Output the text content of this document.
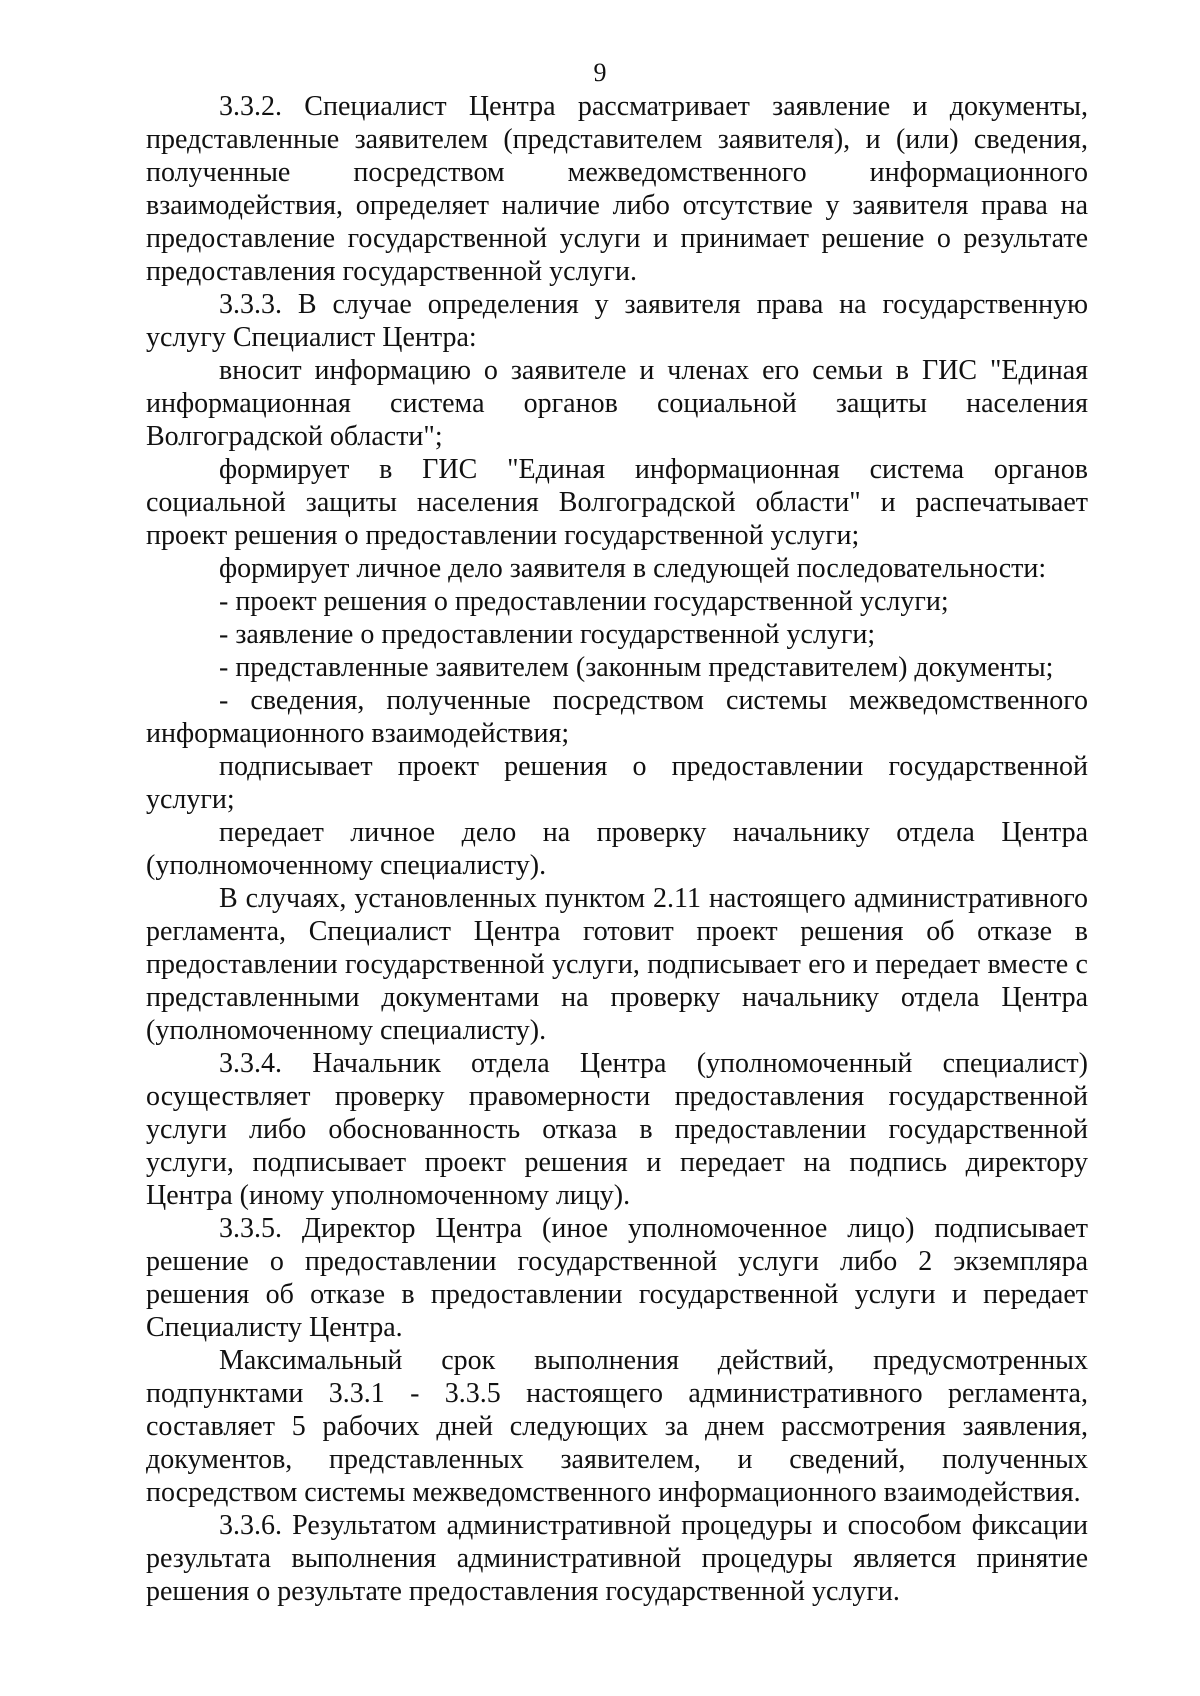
9

3.3.2. Специалист Центра рассматривает заявление и документы, представленные заявителем (представителем заявителя), и (или) сведения, полученные посредством межведомственного информационного взаимодействия, определяет наличие либо отсутствие у заявителя права на предоставление государственной услуги и принимает решение о результате предоставления государственной услуги.

3.3.3. В случае определения у заявителя права на государственную услугу Специалист Центра:

вносит информацию о заявителе и членах его семьи в ГИС "Единая информационная система органов социальной защиты населения Волгоградской области";

формирует в ГИС "Единая информационная система органов социальной защиты населения Волгоградской области" и распечатывает проект решения о предоставлении государственной услуги;

формирует личное дело заявителя в следующей последовательности:

- проект решения о предоставлении государственной услуги;

- заявление о предоставлении государственной услуги;

- представленные заявителем (законным представителем) документы;

- сведения, полученные посредством системы межведомственного информационного взаимодействия;

подписывает проект решения о предоставлении государственной услуги;

передает личное дело на проверку начальнику отдела Центра (уполномоченному специалисту).

В случаях, установленных пунктом 2.11 настоящего административного регламента, Специалист Центра готовит проект решения об отказе в предоставлении государственной услуги, подписывает его и передает вместе с представленными документами на проверку начальнику отдела Центра (уполномоченному специалисту).

3.3.4. Начальник отдела Центра (уполномоченный специалист) осуществляет проверку правомерности предоставления государственной услуги либо обоснованность отказа в предоставлении государственной услуги, подписывает проект решения и передает на подпись директору Центра (иному уполномоченному лицу).

3.3.5. Директор Центра (иное уполномоченное лицо) подписывает решение о предоставлении государственной услуги либо 2 экземпляра решения об отказе в предоставлении государственной услуги и передает Специалисту Центра.

Максимальный срок выполнения действий, предусмотренных подпунктами 3.3.1 - 3.3.5 настоящего административного регламента, составляет 5 рабочих дней следующих за днем рассмотрения заявления, документов, представленных заявителем, и сведений, полученных посредством системы межведомственного информационного взаимодействия.

3.3.6. Результатом административной процедуры и способом фиксации результата выполнения административной процедуры является принятие решения о результате предоставления государственной услуги.
